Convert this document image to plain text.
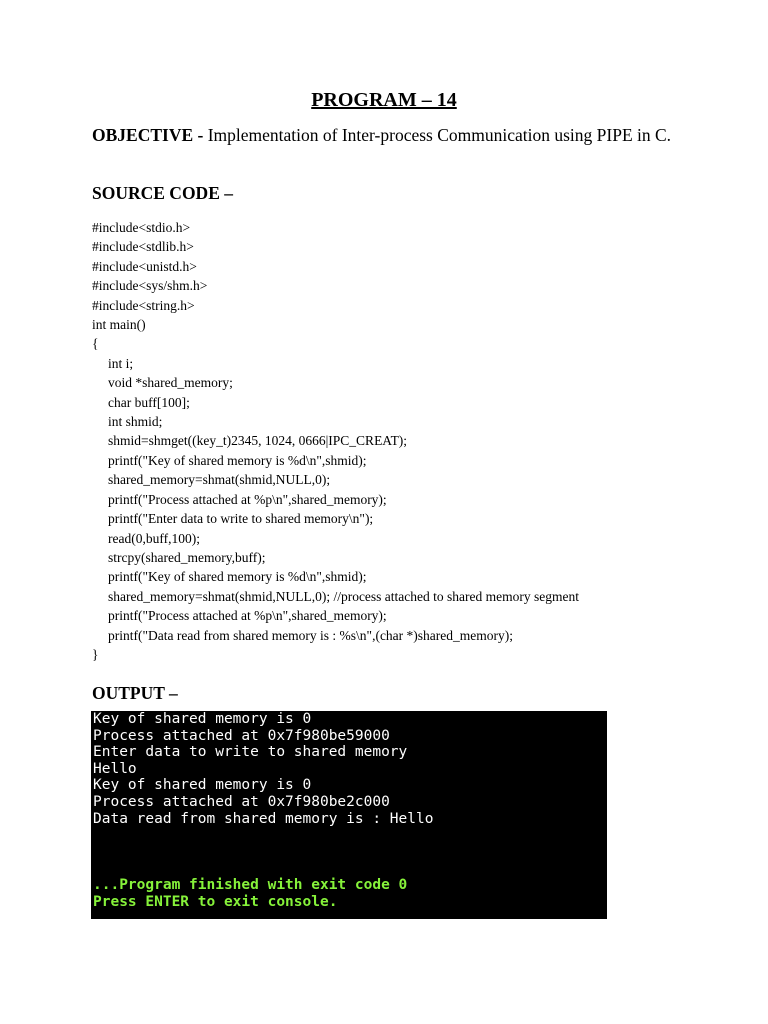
PROGRAM – 14
OBJECTIVE - Implementation of Inter-process Communication using PIPE in C.
SOURCE CODE –
#include<stdio.h>
#include<stdlib.h>
#include<unistd.h>
#include<sys/shm.h>
#include<string.h>
int main()
{
int i;
void *shared_memory;
char buff[100];
int shmid;
shmid=shmget((key_t)2345, 1024, 0666|IPC_CREAT);
printf("Key of shared memory is %d\n",shmid);
shared_memory=shmat(shmid,NULL,0);
printf("Process attached at %p\n",shared_memory);
printf("Enter data to write to shared memory\n");
read(0,buff,100);
strcpy(shared_memory,buff);
printf("Key of shared memory is %d\n",shmid);
shared_memory=shmat(shmid,NULL,0); //process attached to shared memory segment
printf("Process attached at %p\n",shared_memory);
printf("Data read from shared memory is : %s\n",(char *)shared_memory);
}
OUTPUT –
Key of shared memory is 0
Process attached at 0x7f980be59000
Enter data to write to shared memory
Hello
Key of shared memory is 0
Process attached at 0x7f980be2c000
Data read from shared memory is : Hello
...Program finished with exit code 0
Press ENTER to exit console.
